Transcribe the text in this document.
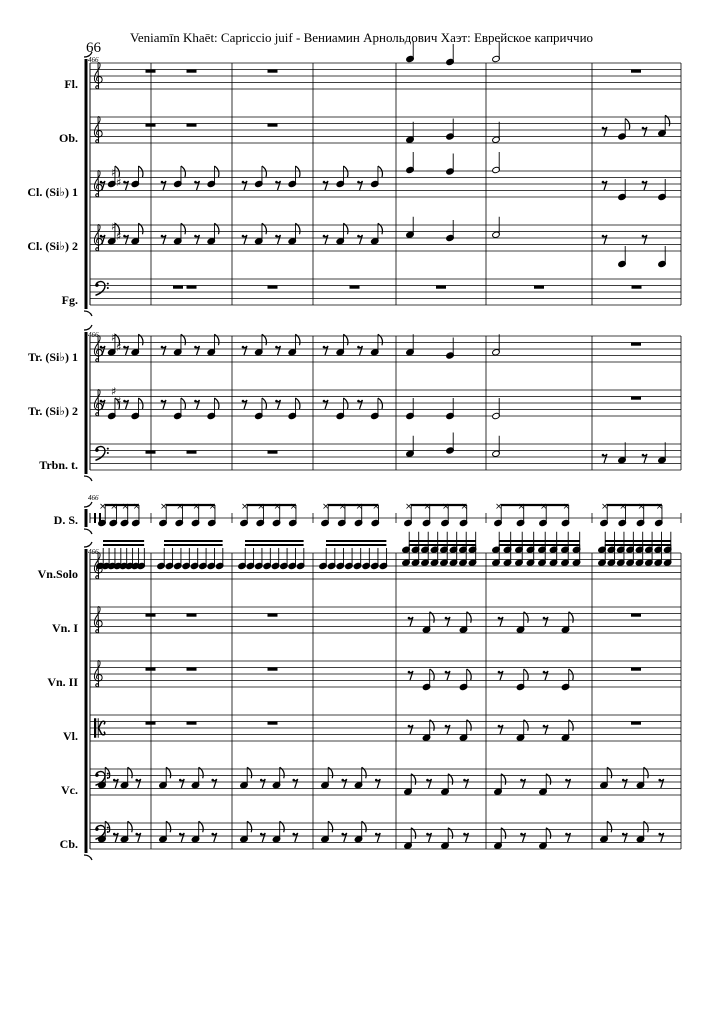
Veniamīn Khaēt: Capriccio juif - Вениамин Арнольдович Хаэт: Еврейское каприччио
66
466
466
466
466
Fl.
Ob.
Cl. (Si♭) 1
Cl. (Si♭) 2
Fg.
Tr. (Si♭) 1
Tr. (Si♭) 2
Trbn. t.
D. S.
Vn.Solo
Vn. I
Vn. II
Vl.
Vc.
Cb.
♯
♯
♯
♯
♯
♯
♯
♯
× × × × × × × ×	× × × ×	× × × ×	× × × ×	× × × ×	× × × ×
